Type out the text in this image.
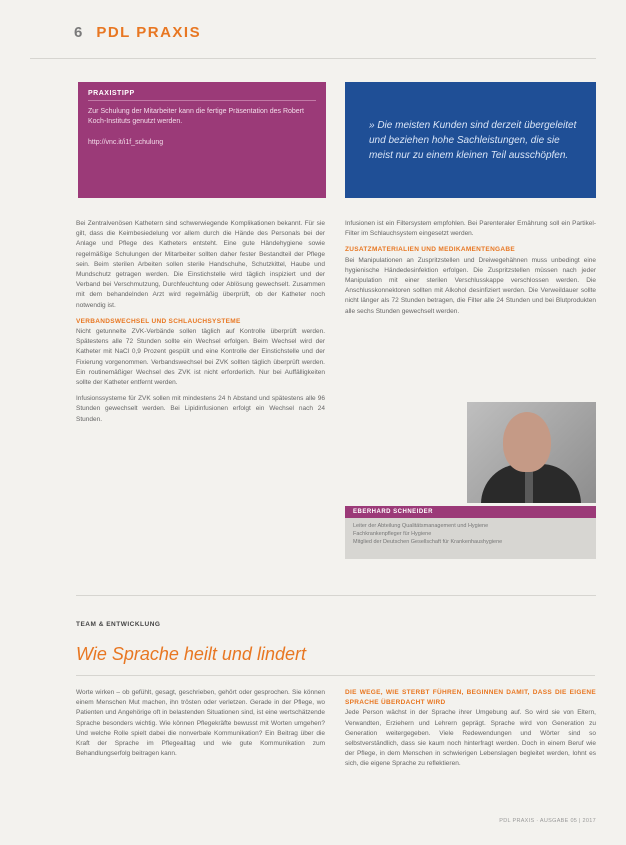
6 PDL PRAXIS
PRAXISTIPP
Zur Schulung der Mitarbeiter kann die fertige Präsentation des Robert Koch-Instituts genutzt werden.
http://vnc.it/i1f_schulung
» Die meisten Kunden sind derzeit übergeleitet und beziehen hohe Sachleistungen, die sie meist nur zu einem kleinen Teil ausschöpfen.

Bei Zentralvenösen Kathetern sind schwerwiegende Komplikationen bekannt. Für sie gilt, dass die Keimbesiedelung vor allem durch die Hände des Personals bei der Anlage und Pflege des Katheters entsteht. Eine gute Händehygiene sowie regelmäßige Schulungen der Mitarbeiter sollten daher fester Bestandteil der Pflege sein. Beim sterilen Arbeiten sollen sterile Handschuhe, Schutzkittel, Haube und Mundschutz getragen werden. Die Einstichstelle wird täglich inspiziert und der Verband bei Verschmutzung, Durchfeuchtung oder Ablösung gewechselt. Zusammen mit dem behandelnden Arzt wird regelmäßig überprüft, ob der Katheter noch notwendig ist.

VERBANDSWECHSEL UND SCHLAUCHSYSTEME

Nicht getunnelte ZVK-Verbände sollen täglich auf Kontrolle überprüft werden. Spätestens alle 72 Stunden sollte ein Wechsel erfolgen. Beim Wechsel wird der Katheter mit NaCl 0,9 Prozent gespült und eine Kontrolle der Einstichstelle und der Fixierung vorgenommen. Verbandswechsel bei ZVK sollten täglich überprüft werden. Ein routinemäßiger Wechsel des ZVK ist nicht erforderlich. Nur bei Auffälligkeiten sollte der Katheter entfernt werden.

Infusionssysteme für ZVK sollen mit mindestens 24 h Abstand und spätestens alle 96 Stunden gewechselt werden. Bei Lipidinfusionen erfolgt ein Wechsel nach 24 Stunden.

Infusionen ist ein Filtersystem empfohlen. Bei Parenteraler Ernährung soll ein Partikel-Filter im Schlauchsystem eingesetzt werden.

ZUSATZMATERIALIEN UND MEDIKAMENTENGABE

Bei Manipulationen an Zuspritzstellen und Dreiwegehähnen muss unbedingt eine hygienische Händedesinfektion erfolgen. Die Zuspritzstellen müssen nach jeder Manipulation mit einer sterilen Verschlusskappe verschlossen werden. Die Anschlusskonnektoren sollten mit Alkohol desinfiziert werden. Die Verweildauer sollte nicht länger als 72 Stunden betragen, die Filter alle 24 Stunden und bei Blutprodukten alle sechs Stunden gewechselt werden.

EBERHARD SCHNEIDER
Leiter der Abteilung Qualitätsmanagement und Hygiene
Fachkrankenpfleger für Hygiene
Mitglied der Deutschen Gesellschaft für Krankenhaushygiene
TEAM & ENTWICKLUNG
Wie Sprache heilt und lindert

Worte wirken – ob gefühlt, gesagt, geschrieben, gehört oder gesprochen. Sie können einem Menschen Mut machen, ihn trösten oder verletzen. Gerade in der Pflege, wo Patienten und Angehörige oft in belastenden Situationen sind, ist eine wertschätzende Sprache besonders wichtig. Wie können Pflegekräfte bewusst mit Worten umgehen? Und welche Rolle spielt dabei die nonverbale Kommunikation? Ein Beitrag über die Kraft der Sprache im Pflegealltag und wie gute Kommunikation zum Behandlungserfolg beitragen kann.

DIE WEGE, WIE STERBT FÜHREN, BEGINNEN DAMIT, DASS DIE EIGENE SPRACHE ÜBERDACHT WIRD

Jede Person wächst in der Sprache ihrer Umgebung auf. So wird sie von Eltern, Verwandten, Erziehern und Lehrern geprägt. Sprache wird von Generation zu Generation weitergegeben. Viele Redewendungen und Wörter sind so selbstverständlich, dass sie kaum noch hinterfragt werden. Doch in einem Beruf wie der Pflege, in dem Menschen in schwierigen Lebenslagen begleitet werden, lohnt es sich, die eigene Sprache zu reflektieren.

PDL PRAXIS · AUSGABE 05 | 2017
